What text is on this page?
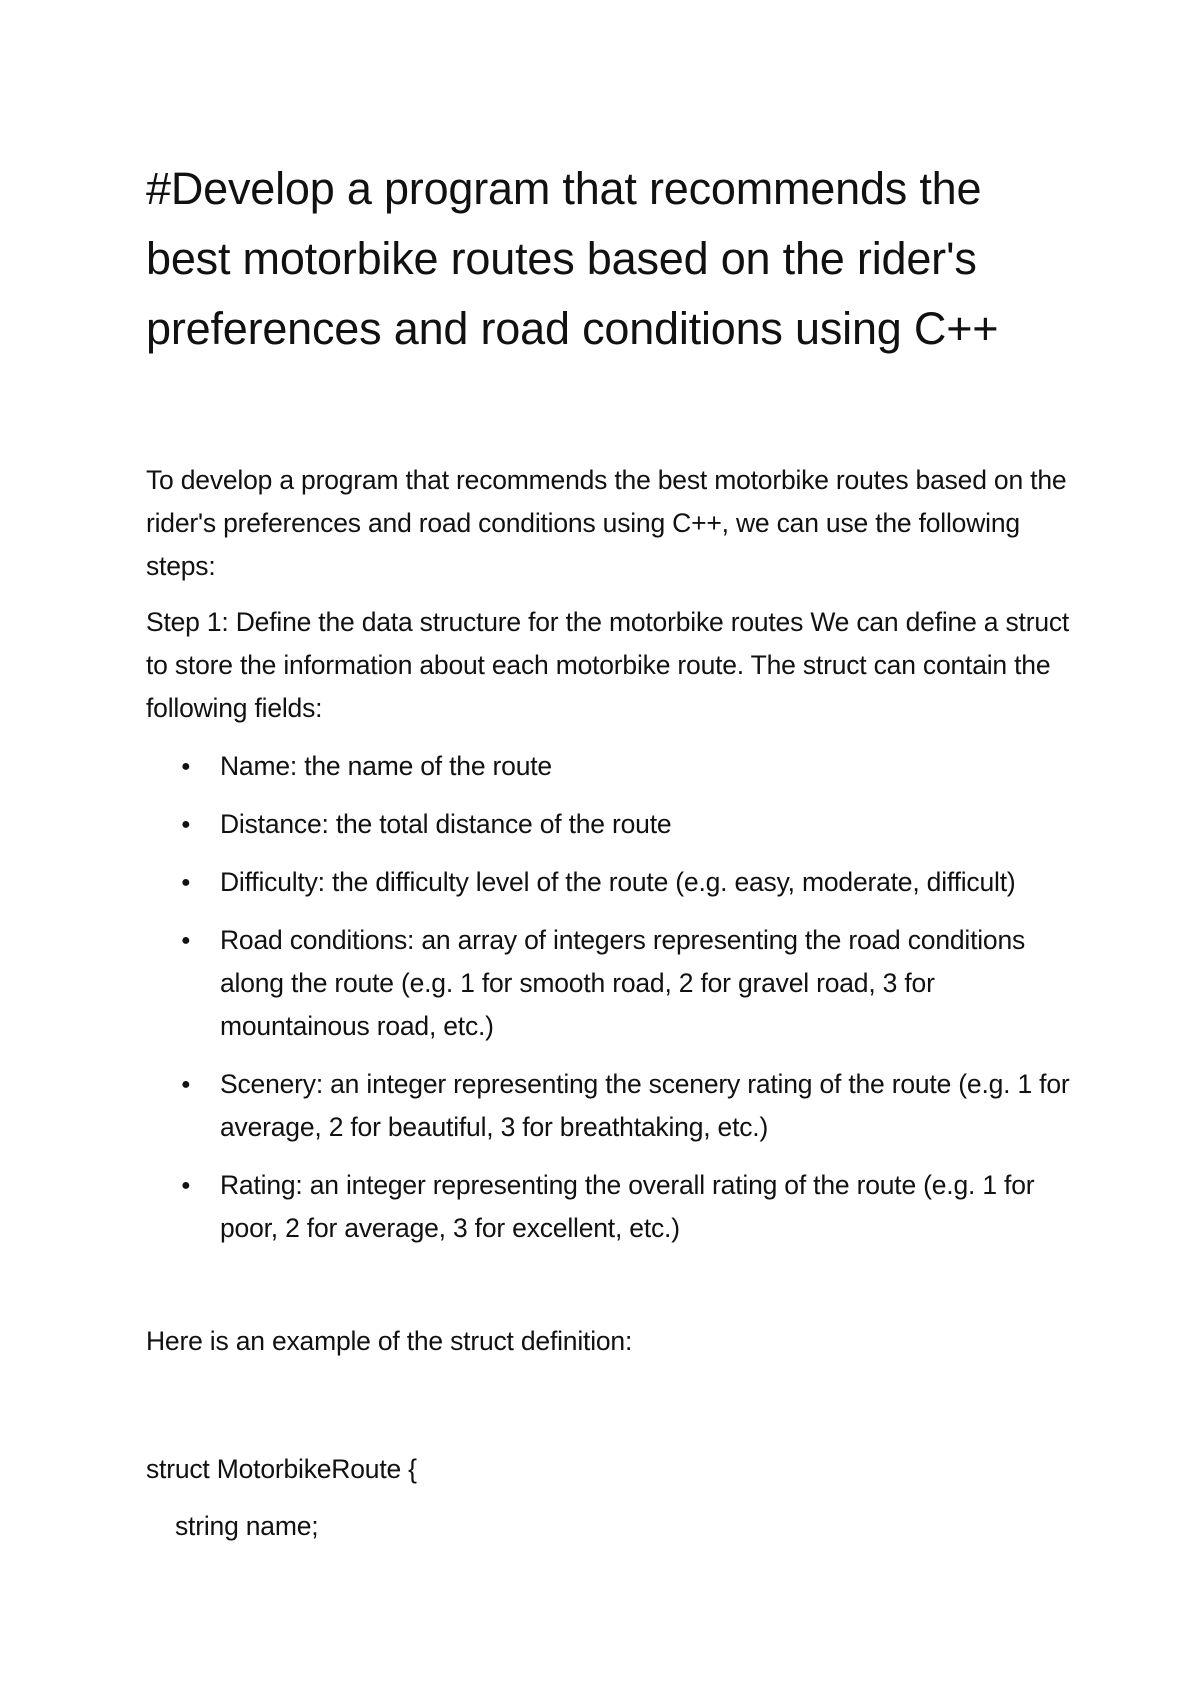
#Develop a program that recommends the best motorbike routes based on the rider's preferences and road conditions using C++

To develop a program that recommends the best motorbike routes based on the rider's preferences and road conditions using C++, we can use the following steps:

Step 1: Define the data structure for the motorbike routes We can define a struct to store the information about each motorbike route. The struct can contain the following fields:

● Name: the name of the route
● Distance: the total distance of the route
● Difficulty: the difficulty level of the route (e.g. easy, moderate, difficult)
● Road conditions: an array of integers representing the road conditions along the route (e.g. 1 for smooth road, 2 for gravel road, 3 for mountainous road, etc.)
● Scenery: an integer representing the scenery rating of the route (e.g. 1 for average, 2 for beautiful, 3 for breathtaking, etc.)
● Rating: an integer representing the overall rating of the route (e.g. 1 for poor, 2 for average, 3 for excellent, etc.)

Here is an example of the struct definition:

struct MotorbikeRoute {

string name;
